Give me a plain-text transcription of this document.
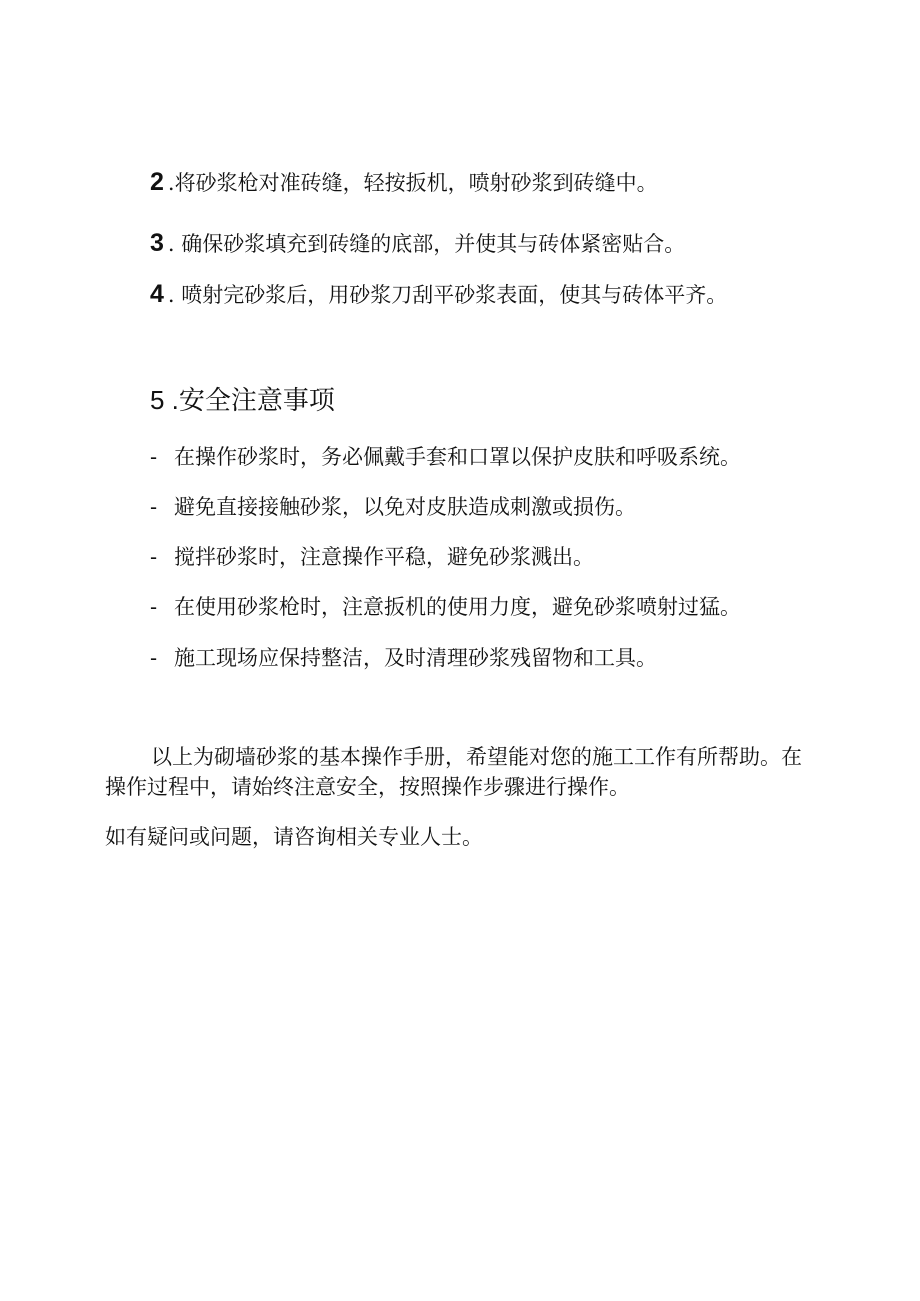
2 .将砂浆枪对准砖缝，轻按扳机，喷射砂浆到砖缝中。
3 . 确保砂浆填充到砖缝的底部，并使其与砖体紧密贴合。
4 . 喷射完砂浆后，用砂浆刀刮平砂浆表面，使其与砖体平齐。
5 .安全注意事项
- 在操作砂浆时，务必佩戴手套和口罩以保护皮肤和呼吸系统。
- 避免直接接触砂浆，以免对皮肤造成刺激或损伤。
- 搅拌砂浆时，注意操作平稳，避免砂浆溅出。
- 在使用砂浆枪时，注意扳机的使用力度，避免砂浆喷射过猛。
- 施工现场应保持整洁，及时清理砂浆残留物和工具。
以上为砌墙砂浆的基本操作手册，希望能对您的施工工作有所帮助。在操作过程中，请始终注意安全，按照操作步骤进行操作。
如有疑问或问题，请咨询相关专业人士。
